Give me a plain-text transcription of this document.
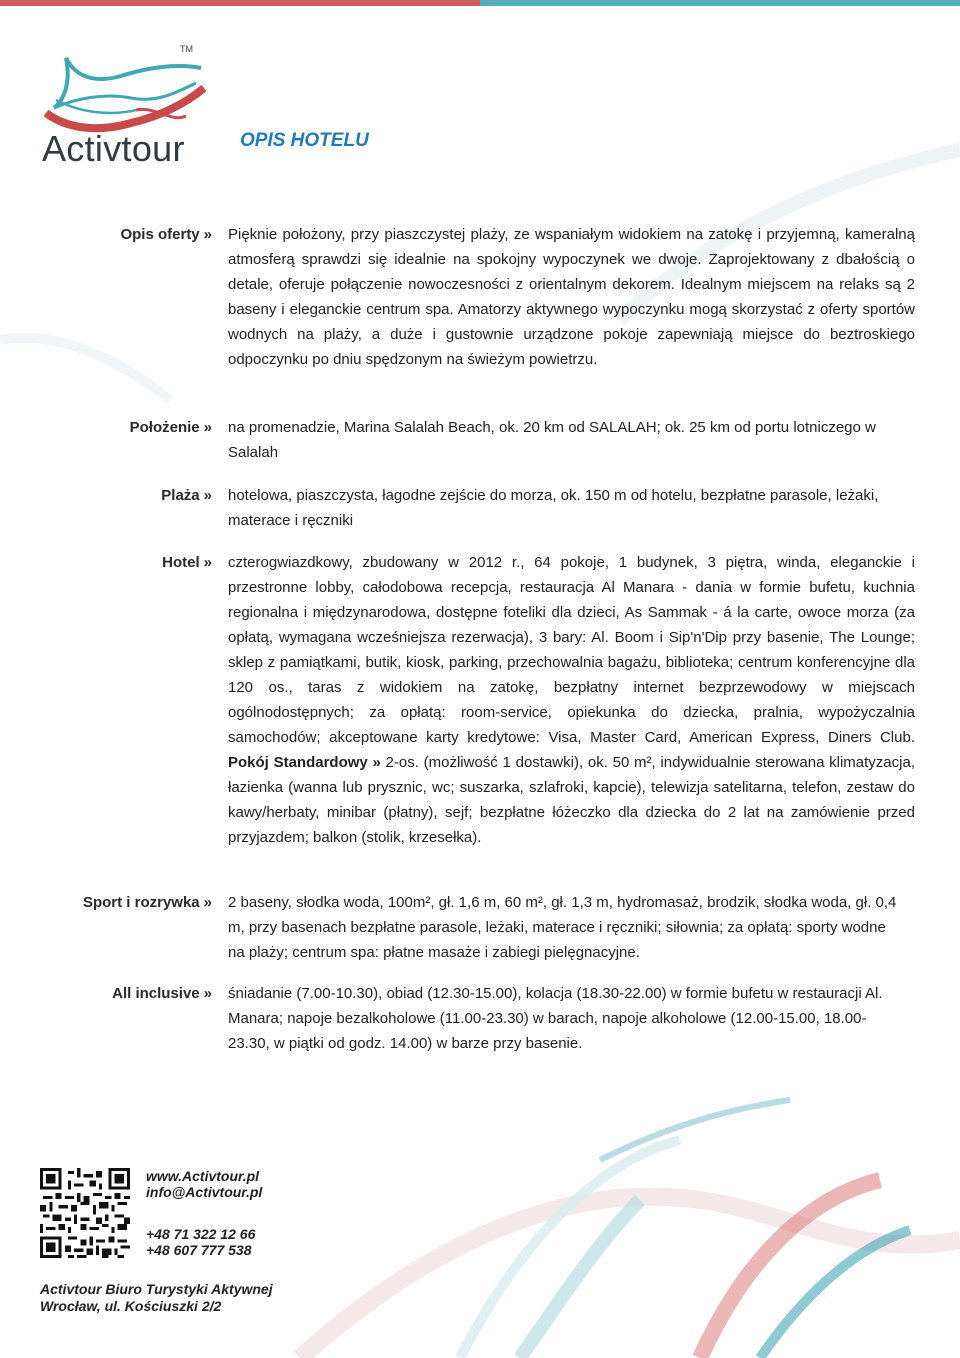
TM
Activtour	OPIS HOTELU
Opis oferty » Pięknie położony, przy piaszczystej plaży, ze wspaniałym widokiem na zatokę i przyjemną, kameralną atmosferą sprawdzi się idealnie na spokojny wypoczynek we dwoje. Zaprojektowany z dbałością o detale, oferuje połączenie nowoczesności z orientalnym dekorem. Idealnym miejscem na relaks są 2 baseny i eleganckie centrum spa. Amatorzy aktywnego wypoczynku mogą skorzystać z oferty sportów wodnych na plaży, a duże i gustownie urządzone pokoje zapewniają miejsce do beztroskiego odpoczynku po dniu spędzonym na świeżym powietrzu.
Położenie » na promenadzie, Marina Salalah Beach, ok. 20 km od SALALAH; ok. 25 km od portu lotniczego w Salalah
Plaża » hotelowa, piaszczysta, łagodne zejście do morza, ok. 150 m od hotelu, bezpłatne parasole, leżaki, materace i ręczniki
Hotel » czterogwiazdkowy, zbudowany w 2012 r., 64 pokoje, 1 budynek, 3 piętra, winda, eleganckie i przestronne lobby, całodobowa recepcja, restauracja Al Manara - dania w formie bufetu, kuchnia regionalna i międzynarodowa, dostępne foteliki dla dzieci, As Sammak - á la carte, owoce morza (za opłatą, wymagana wcześniejsza rezerwacja), 3 bary: Al. Boom i Sip'n'Dip przy basenie, The Lounge; sklep z pamiątkami, butik, kiosk, parking, przechowalnia bagażu, biblioteka; centrum konferencyjne dla 120 os., taras z widokiem na zatokę, bezpłatny internet bezprzewodowy w miejscach ogólnodostępnych; za opłatą: room-service, opiekunka do dziecka, pralnia, wypożyczalnia samochodów; akceptowane karty kredytowe: Visa, Master Card, American Express, Diners Club. Pokój Standardowy » 2-os. (możliwość 1 dostawki), ok. 50 m², indywidualnie sterowana klimatyzacja, łazienka (wanna lub prysznic, wc; suszarka, szlafroki, kapcie), telewizja satelitarna, telefon, zestaw do kawy/herbaty, minibar (płatny), sejf; bezpłatne łóżeczko dla dziecka do 2 lat na zamówienie przed przyjazdem; balkon (stolik, krzesełka).
Sport i rozrywka » 2 baseny, słodka woda, 100m², gł. 1,6 m, 60 m², gł. 1,3 m, hydromasaż, brodzik, słodka woda, gł. 0,4 m, przy basenach bezpłatne parasole, leżaki, materace i ręczniki; siłownia; za opłatą: sporty wodne na plaży; centrum spa: płatne masaże i zabiegi pielęgnacyjne.
All inclusive » śniadanie (7.00-10.30), obiad (12.30-15.00), kolacja (18.30-22.00) w formie bufetu w restauracji Al. Manara; napoje bezalkoholowe (11.00-23.30) w barach, napoje alkoholowe (12.00-15.00, 18.00-23.30, w piątki od godz. 14.00) w barze przy basenie.
www.Activtour.pl
info@Activtour.pl
+48 71 322 12 66
+48 607 777 538
Activtour Biuro Turystyki Aktywnej
Wrocław, ul. Kościuszki 2/2
